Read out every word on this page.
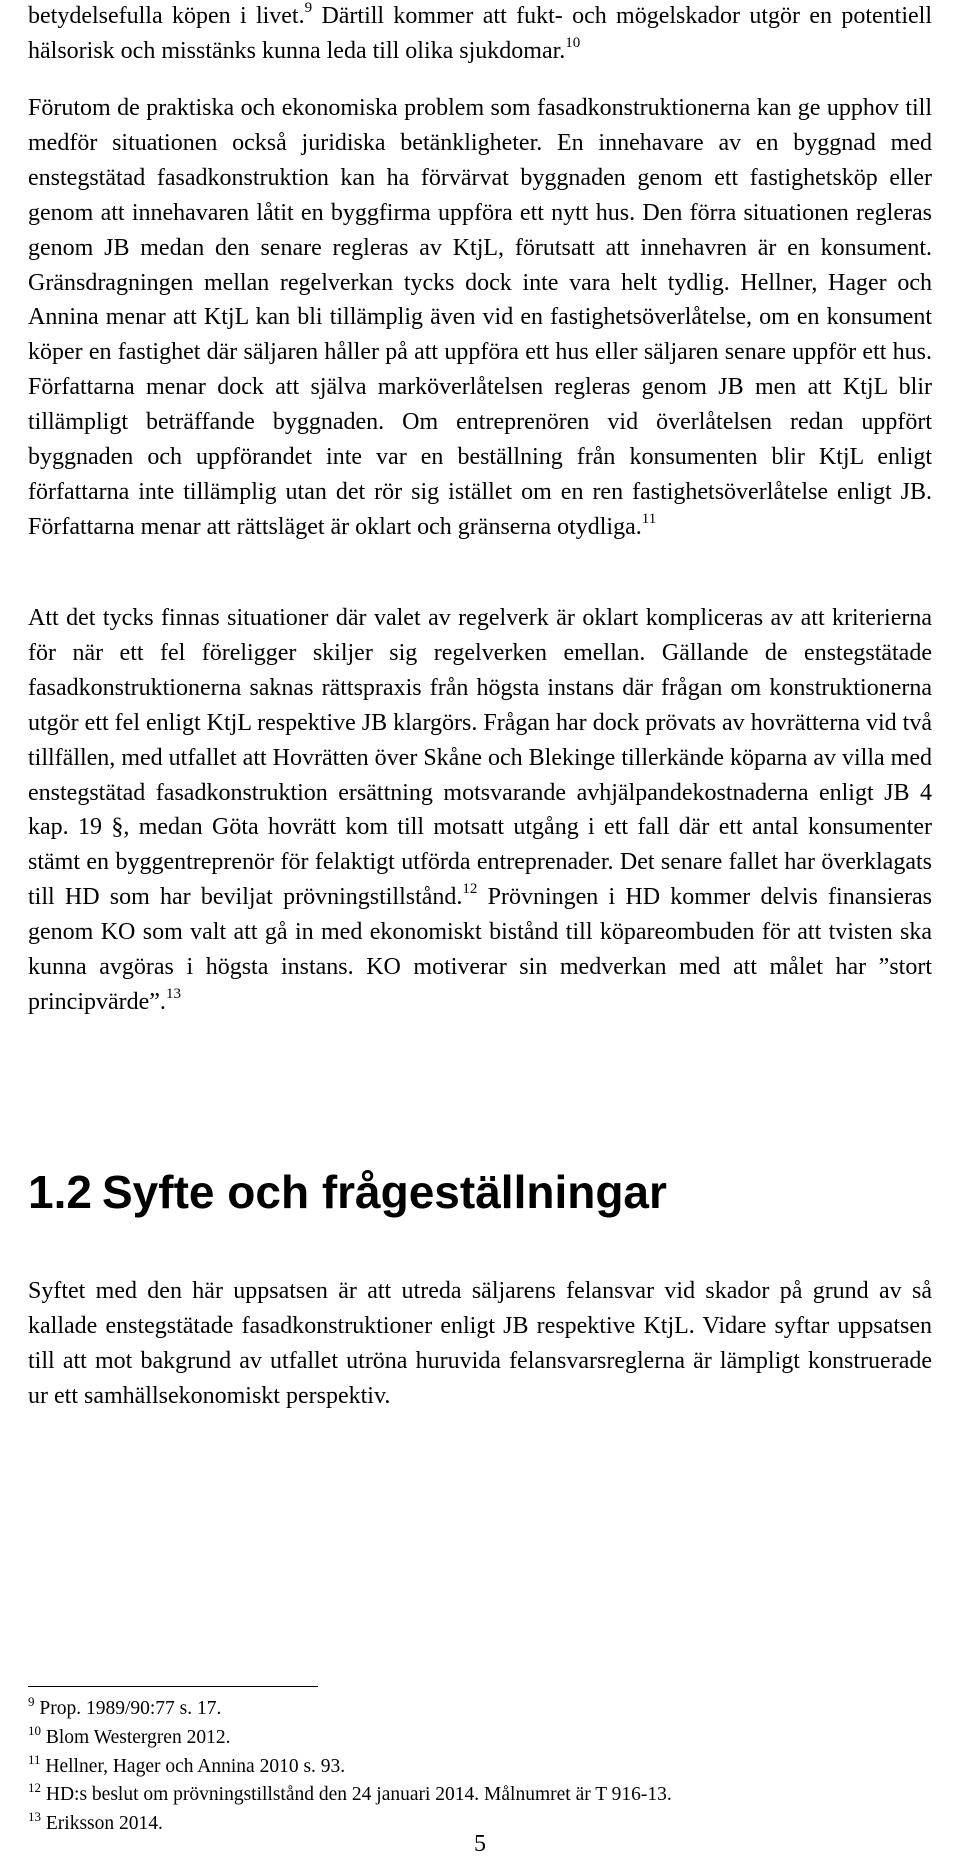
betydelsefulla köpen i livet.$^9$ Därtill kommer att fukt- och mögelskador utgör en potentiell hälsorisk och misstänks kunna leda till olika sjukdomar.$^{10}$

Förutom de praktiska och ekonomiska problem som fasadkonstruktionerna kan ge upphov till medför situationen också juridiska betänkligheter. En innehavare av en byggnad med enstegstätad fasadkonstruktion kan ha förvärvat byggnaden genom ett fastighetsköp eller genom att innehavaren låtit en byggfirma uppföra ett nytt hus. Den förra situationen regleras genom JB medan den senare regleras av KtjL, förutsatt att innehavren är en konsument. Gränsdragningen mellan regelverkan tycks dock inte vara helt tydlig. Hellner, Hager och Annina menar att KtjL kan bli tillämplig även vid en fastighetsöverlåtelse, om en konsument köper en fastighet där säljaren håller på att uppföra ett hus eller säljaren senare uppför ett hus. Författarna menar dock att själva marköverlåtelsen regleras genom JB men att KtjL blir tillämpligt beträffande byggnaden. Om entreprenören vid överlåtelsen redan uppfört byggnaden och uppförandet inte var en beställning från konsumenten blir KtjL enligt författarna inte tillämplig utan det rör sig istället om en ren fastighetsöverlåtelse enligt JB. Författarna menar att rättsläget är oklart och gränserna otydliga.$^{11}$

Att det tycks finnas situationer där valet av regelverk är oklart kompliceras av att kriterierna för när ett fel föreligger skiljer sig regelverken emellan. Gällande de enstegstätade fasadkonstruktionerna saknas rättspraxis från högsta instans där frågan om konstruktionerna utgör ett fel enligt KtjL respektive JB klargörs. Frågan har dock prövats av hovrätterna vid två tillfällen, med utfallet att Hovrätten över Skåne och Blekinge tillerkände köparna av villa med enstegstätad fasadkonstruktion ersättning motsvarande avhjälpandekostnaderna enligt JB 4 kap. 19 §, medan Göta hovrätt kom till motsatt utgång i ett fall där ett antal konsumenter stämt en byggentreprenör för felaktigt utförda entreprenader. Det senare fallet har överklagats till HD som har beviljat prövningstillstånd.$^{12}$ Prövningen i HD kommer delvis finansieras genom KO som valt att gå in med ekonomiskt bistånd till köpareombuden för att tvisten ska kunna avgöras i högsta instans. KO motiverar sin medverkan med att målet har ”stort principvärde”.$^{13}$

1.2 Syfte och frågeställningar

Syftet med den här uppsatsen är att utreda säljarens felansvar vid skador på grund av så kallade enstegstätade fasadkonstruktioner enligt JB respektive KtjL. Vidare syftar uppsatsen till att mot bakgrund av utfallet utröna huruvida felansvarsreglerna är lämpligt konstruerade ur ett samhällsekonomiskt perspektiv.

$^9$ Prop. 1989/90:77 s. 17.
$^{10}$ Blom Westergren 2012.
$^{11}$ Hellner, Hager och Annina 2010 s. 93.
$^{12}$ HD:s beslut om prövningstillstånd den 24 januari 2014. Målnumret är T 916-13.
$^{13}$ Eriksson 2014.
5
